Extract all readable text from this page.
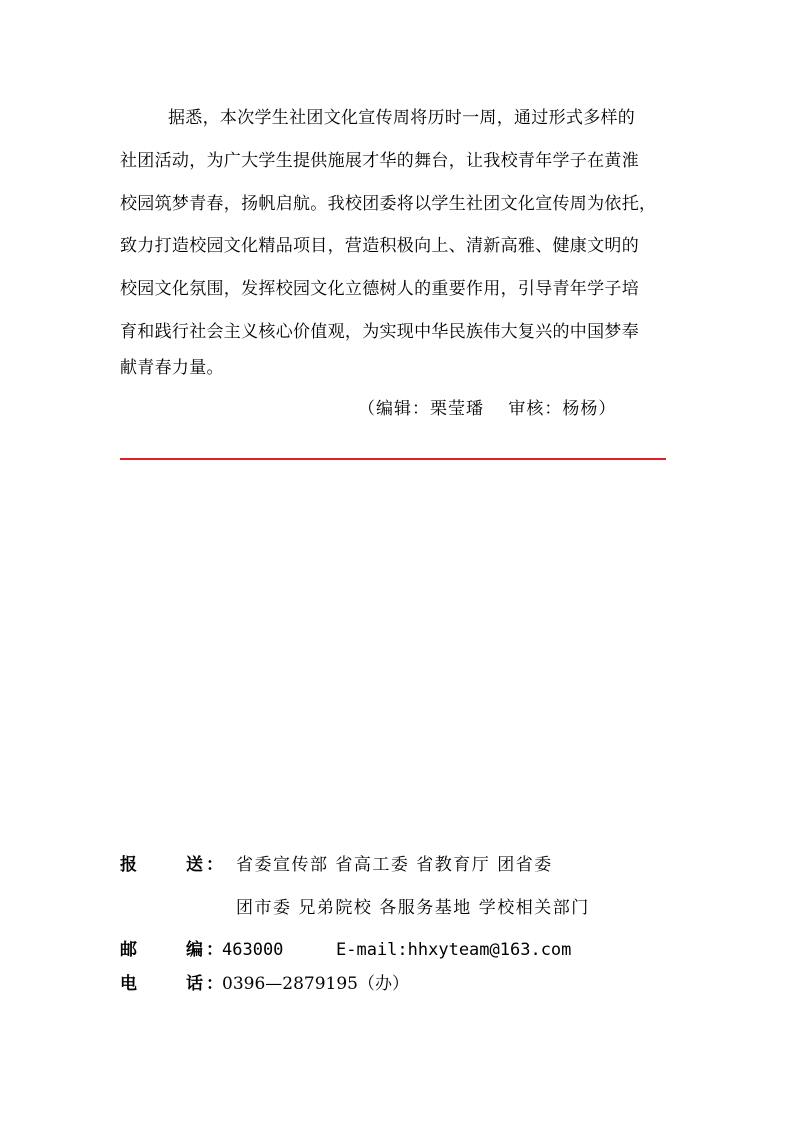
据悉，本次学生社团文化宣传周将历时一周，通过形式多样的
社团活动，为广大学生提供施展才华的舞台，让我校青年学子在黄淮
校园筑梦青春，扬帆启航。我校团委将以学生社团文化宣传周为依托，
致力打造校园文化精品项目，营造积极向上、清新高雅、健康文明的
校园文化氛围，发挥校园文化立德树人的重要作用，引导青年学子培
育和践行社会主义核心价值观，为实现中华民族伟大复兴的中国梦奉
献青春力量。
（编辑：栗莹璠　 审核：杨杨）
报	送 ： 省委宣传部 省高工委 省教育厅 团省委
团市委 兄弟院校 各服务基地 学校相关部门
邮	编 ： 463000	E-mail:hhxyteam@163.com
电	话 ： 0396—2879195（办）
